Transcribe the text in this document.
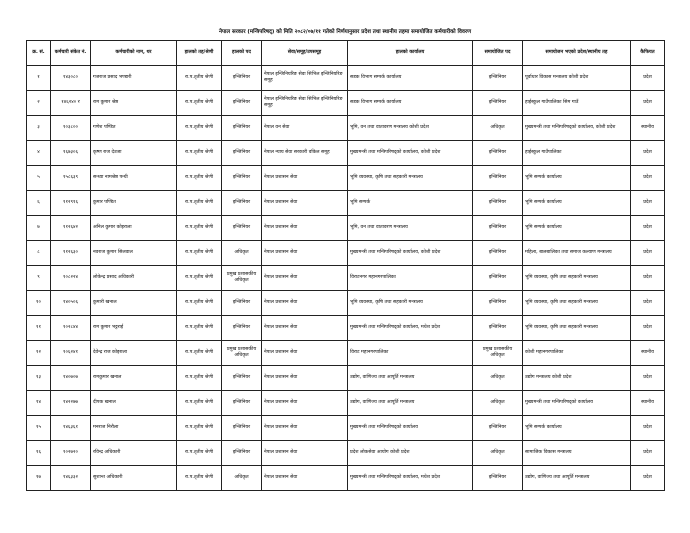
नेपाल सरकार (मन्त्रिपरिषद्) को मिति २०८२/०७/११ गतेको निर्णयानुसार प्रदेश तथा स्थानीय तहमा समायोजित कर्मचारीको विवरण
क्र. सं.	कर्मचारी संकेत नं.	कर्मचारीको नाम, थर	हालको तह/श्रेणी	हालको पद	सेवा/समूह/उपसमूह	हालको कार्यालय	समायोजित पद	समायोजन भएको प्रदेश/स्थानीय तह	कैफियत
१	१४३०८०	गजराज प्रसाद भण्डारी	रा.प.तृतीय श्रेणी	इन्जिनियर	नेपाल इन्जिनियरिङ सेवा सिभिल इन्जिनियरिङ समूह	सडक विभाग सम्पर्क कार्यालय	इन्जिनियर	पूर्वाधार विकास मन्त्रालय कोशी प्रदेश	प्रदेश
२	१४६२४० र	राम कुमार श्रेष्ठ	रा.प.तृतीय श्रेणी	इन्जिनियर	नेपाल इन्जिनियरिङ सेवा सिभिल इन्जिनियरिङ समूह	सडक विभाग सम्पर्क कार्यालय	इन्जिनियर	हाईस्कुल गाउँपालिका सिम गाउँ	प्रदेश
३	१०३८००	गणेश पण्डित	रा.प.तृतीय श्रेणी	इन्जिनियर	नेपाल वन सेवा	भूमि, वन तथा वातावरण मन्त्रालय कोशी प्रदेश	अधिकृत	मुख्यमन्त्री तथा मन्त्रिपरिषद्को कार्यालय, कोशी प्रदेश	स्थानीय
४	१६७३०६	कृष्ण राज देउजा	रा.प.तृतीय श्रेणी	इन्जिनियर	नेपाल न्याय सेवा सरकारी वकिल समूह	मुख्यमन्त्री तथा मन्त्रिपरिषद्को कार्यालय, कोशी प्रदेश	इन्जिनियर	हाईस्कुल गाउँपालिका	प्रदेश
५	१५८६३९	सन्ध्या नामश्रेष्ठ पन्थी	रा.प.तृतीय श्रेणी	इन्जिनियर	नेपाल प्रशासन सेवा	भूमि व्यवस्था, कृषि तथा सहकारी मन्त्रालय	इन्जिनियर	भूमि सम्पर्क कार्यालय	प्रदेश
६	११२९१६	कुमार पण्डित	रा.प.तृतीय श्रेणी	इन्जिनियर	नेपाल प्रशासन सेवा	भूमि सम्पर्क	इन्जिनियर	भूमि सम्पर्क कार्यालय	प्रदेश
७	११२६४२	अनिल कुमार कोइराला	रा.प.तृतीय श्रेणी	इन्जिनियर	नेपाल प्रशासन सेवा	भूमि, वन तथा वातावरण मन्त्रालय	इन्जिनियर	भूमि सम्पर्क कार्यालय	प्रदेश
८	११२६३०	नवराज कुमार सिलवाल	रा.प.तृतीय श्रेणी	अधिकृत	नेपाल प्रशासन सेवा	मुख्यमन्त्री तथा मन्त्रिपरिषद्को कार्यालय, कोशी प्रदेश	इन्जिनियर	महिला, बालबालिका तथा समाज कल्याण मन्त्रालय	प्रदेश
९	१०८२२४	लोकेन्द्र प्रसाद अधिकारी	रा.प.तृतीय श्रेणी	प्रमुख प्रशासकीय अधिकृत	नेपाल प्रशासन सेवा	विराटनगर महानगरपालिका	इन्जिनियर	भूमि व्यवस्था, कृषि तथा सहकारी मन्त्रालय	प्रदेश
१०	१४०५०६	कुमारी खनाल	रा.प.तृतीय श्रेणी	इन्जिनियर	नेपाल प्रशासन सेवा	भूमि व्यवस्था, कृषि तथा सहकारी मन्त्रालय	इन्जिनियर	भूमि व्यवस्था, कृषि तथा सहकारी मन्त्रालय	प्रदेश
११	१०२८४४	राम कुमार भट्टराई	रा.प.तृतीय श्रेणी	इन्जिनियर	नेपाल प्रशासन सेवा	मुख्यमन्त्री तथा मन्त्रिपरिषद्को कार्यालय, मधेश प्रदेश	इन्जिनियर	भूमि व्यवस्था, कृषि तथा सहकारी मन्त्रालय	प्रदेश
१२	१०६२४१	देवेन्द्र राज कोइराला	रा.प.तृतीय श्रेणी	प्रमुख प्रशासकीय अधिकृत	नेपाल प्रशासन सेवा	विराट महानगरपालिका	प्रमुख प्रशासकीय अधिकृत	कोशी महानगरपालिका	स्थानीय
१३	१४०७०७	रामकुमार खनाल	रा.प.तृतीय श्रेणी	इन्जिनियर	नेपाल प्रशासन सेवा	उद्योग, वाणिज्य तथा आपूर्ति मन्त्रालय	अधिकृत	उद्योग मन्त्रालय कोशी प्रदेश	प्रदेश
१४	१४२२७७	दीपक खनाल	रा.प.तृतीय श्रेणी	इन्जिनियर	नेपाल प्रशासन सेवा	उद्योग, वाणिज्य तथा आपूर्ति मन्त्रालय	अधिकृत	मुख्यमन्त्री तथा मन्त्रिपरिषद्को कार्यालय	स्थानीय
१५	१४६३६१	मनराज निरौला	रा.प.तृतीय श्रेणी	इन्जिनियर	नेपाल प्रशासन सेवा	मुख्यमन्त्री तथा मन्त्रिपरिषद्को कार्यालय	इन्जिनियर	भूमि सम्पर्क कार्यालय	प्रदेश
१६	१०२७२०	रविन्द्र अधिकारी	रा.प.तृतीय श्रेणी	इन्जिनियर	नेपाल प्रशासन सेवा	प्रदेश लोकसेवा आयोग कोशी प्रदेश	अधिकृत	सामाजिक विकास मन्त्रालय	प्रदेश
१७	१४६३३२	सुशान्त अधिकारी	रा.प.तृतीय श्रेणी	अधिकृत	नेपाल प्रशासन सेवा	मुख्यमन्त्री तथा मन्त्रिपरिषद्को कार्यालय, मधेश प्रदेश	इन्जिनियर	उद्योग, वाणिज्य तथा आपूर्ति मन्त्रालय	प्रदेश
